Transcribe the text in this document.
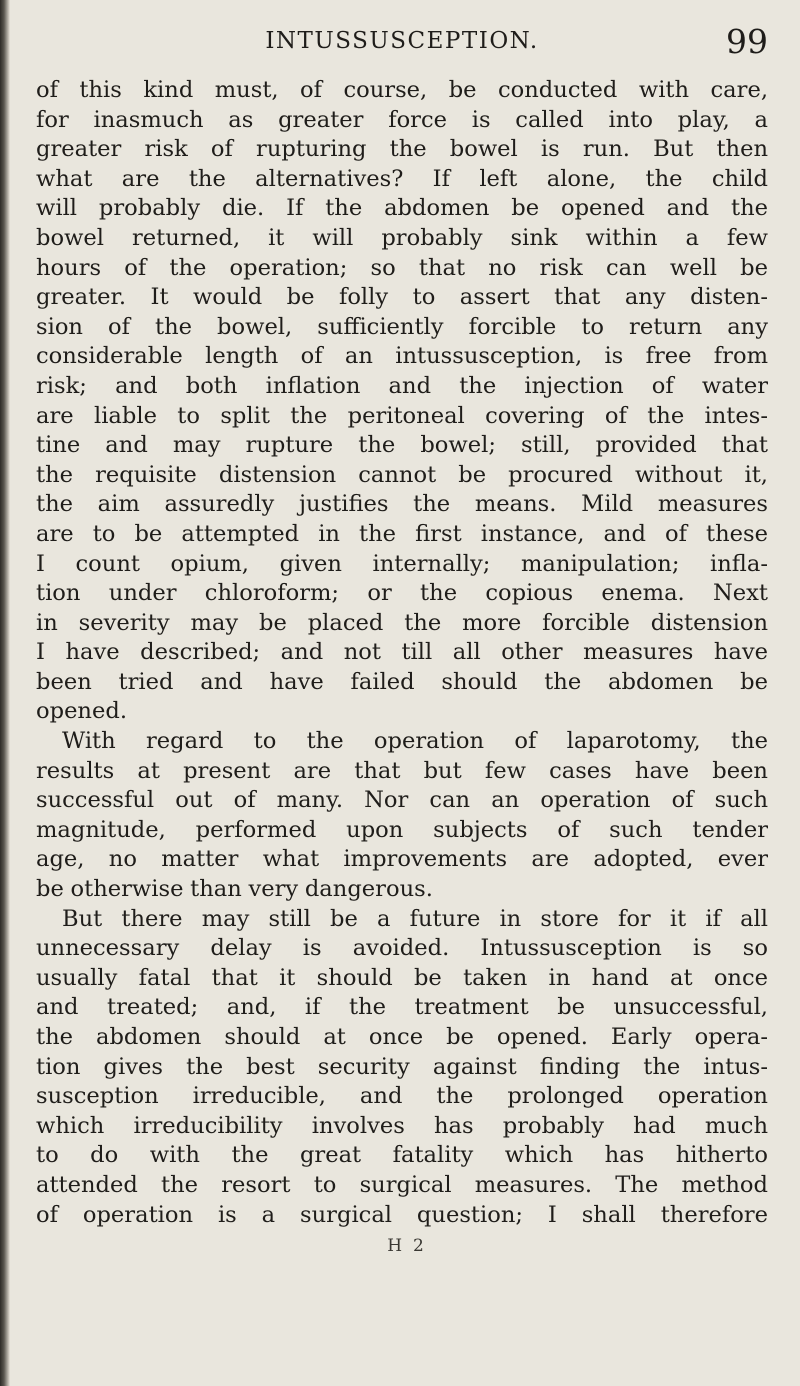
INTUSSUSCEPTION.	99
of this kind must, of course, be conducted with care,
for inasmuch as greater force is called into play, a
greater risk of rupturing the bowel is run. But then
what are the alternatives? If left alone, the child
will probably die. If the abdomen be opened and the
bowel returned, it will probably sink within a few
hours of the operation; so that no risk can well be
greater. It would be folly to assert that any disten-
sion of the bowel, sufficiently forcible to return any
considerable length of an intussusception, is free from
risk; and both inflation and the injection of water
are liable to split the peritoneal covering of the intes-
tine and may rupture the bowel; still, provided that
the requisite distension cannot be procured without it,
the aim assuredly justifies the means. Mild measures
are to be attempted in the first instance, and of these
I count opium, given internally; manipulation; infla-
tion under chloroform; or the copious enema. Next
in severity may be placed the more forcible distension
I have described; and not till all other measures have
been tried and have failed should the abdomen be
opened.
With regard to the operation of laparotomy, the
results at present are that but few cases have been
successful out of many. Nor can an operation of such
magnitude, performed upon subjects of such tender
age, no matter what improvements are adopted, ever
be otherwise than very dangerous.
But there may still be a future in store for it if all
unnecessary delay is avoided. Intussusception is so
usually fatal that it should be taken in hand at once
and treated; and, if the treatment be unsuccessful,
the abdomen should at once be opened. Early opera-
tion gives the best security against finding the intus-
susception irreducible, and the prolonged operation
which irreducibility involves has probably had much
to do with the great fatality which has hitherto
attended the resort to surgical measures. The method
of operation is a surgical question; I shall therefore
H 2
